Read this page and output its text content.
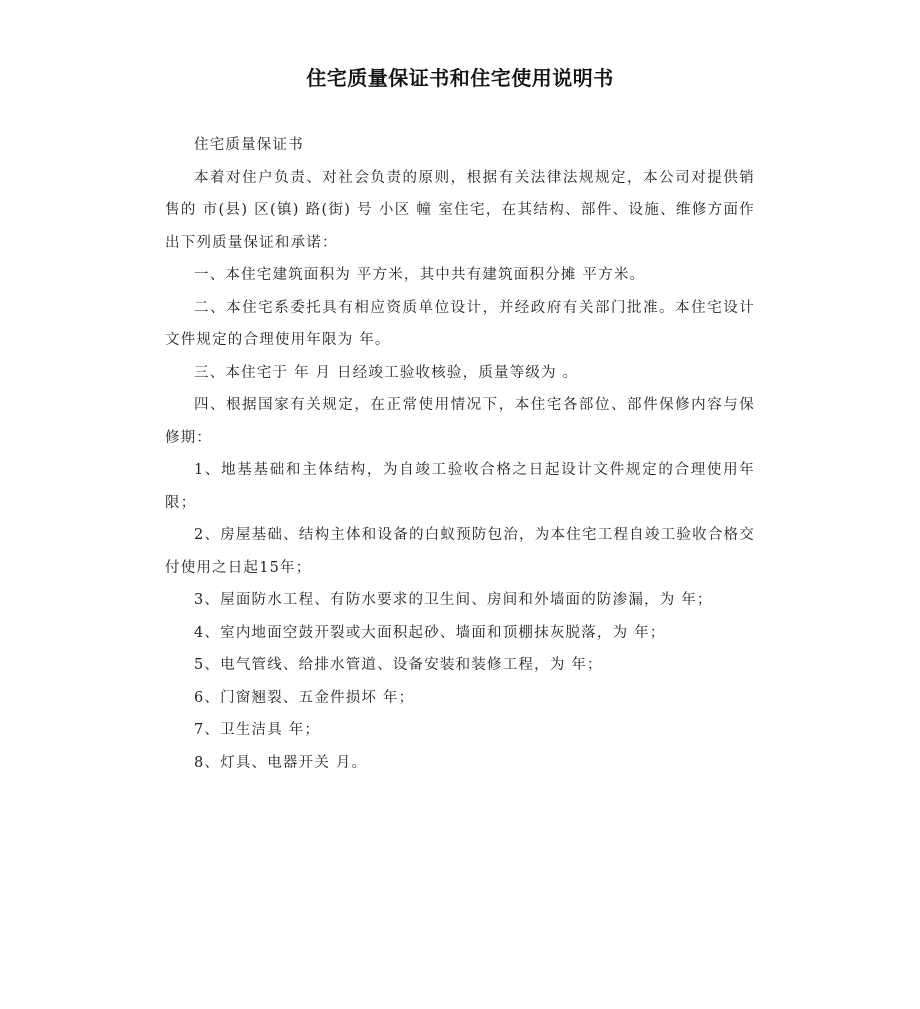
住宅质量保证书和住宅使用说明书

住宅质量保证书

本着对住户负责、对社会负责的原则，根据有关法律法规规定，本公司对提供销售的 市(县) 区(镇) 路(街) 号 小区 幢 室住宅，在其结构、部件、设施、维修方面作出下列质量保证和承诺：

一、本住宅建筑面积为 平方米，其中共有建筑面积分摊 平方米。

二、本住宅系委托具有相应资质单位设计，并经政府有关部门批准。本住宅设计文件规定的合理使用年限为 年。

三、本住宅于 年 月 日经竣工验收核验，质量等级为 。

四、根据国家有关规定，在正常使用情况下，本住宅各部位、部件保修内容与保修期：

1、地基基础和主体结构，为自竣工验收合格之日起设计文件规定的合理使用年限；

2、房屋基础、结构主体和设备的白蚁预防包治，为本住宅工程自竣工验收合格交付使用之日起15年；

3、屋面防水工程、有防水要求的卫生间、房间和外墙面的防渗漏，为 年；

4、室内地面空鼓开裂或大面积起砂、墙面和顶棚抹灰脱落，为 年；

5、电气管线、给排水管道、设备安装和装修工程，为 年；

6、门窗翘裂、五金件损坏 年；

7、卫生洁具 年；

8、灯具、电器开关 月。
